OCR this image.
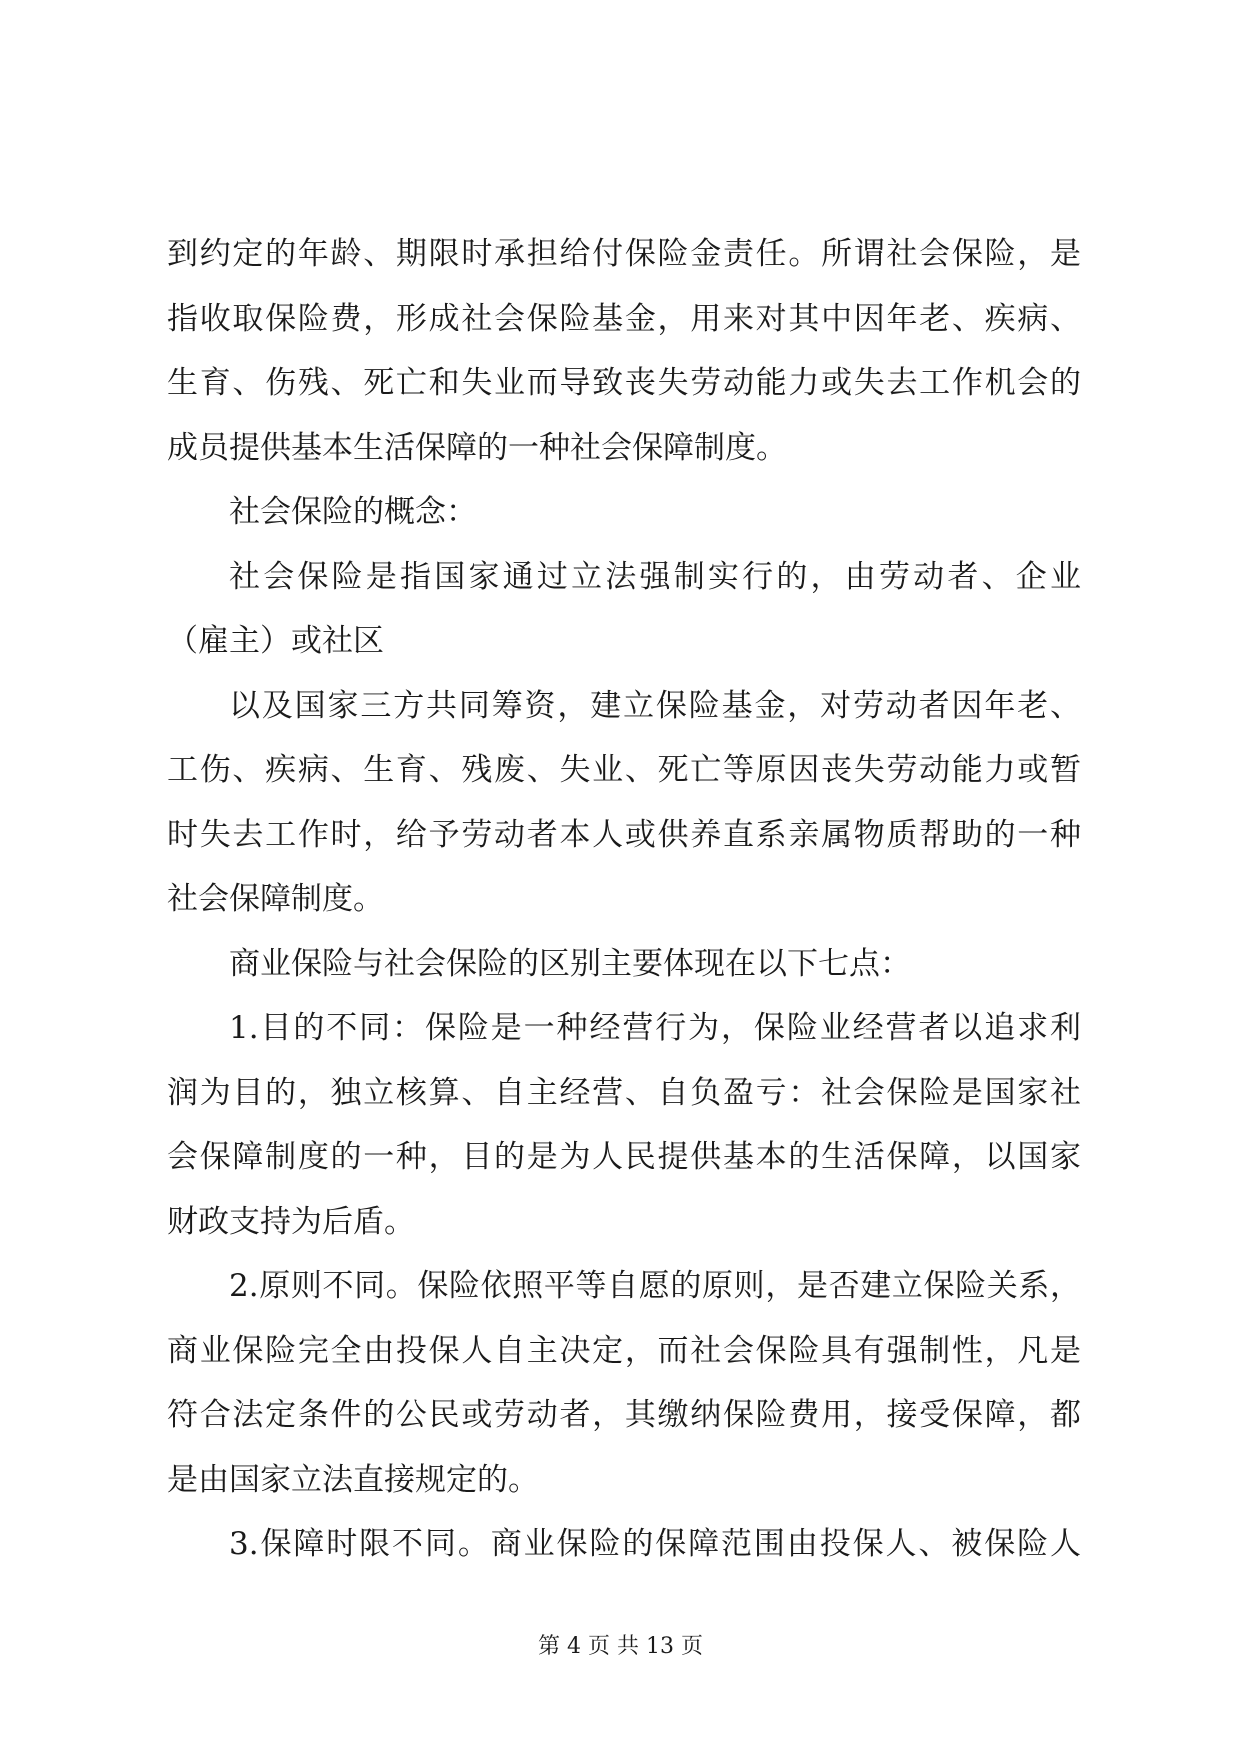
到约定的年龄、期限时承担给付保险金责任。所谓社会保险，是
指收取保险费，形成社会保险基金，用来对其中因年老、疾病、
生育、伤残、死亡和失业而导致丧失劳动能力或失去工作机会的
成员提供基本生活保障的一种社会保障制度。
社会保险的概念：
社会保险是指国家通过立法强制实行的，由劳动者、企业
（雇主）或社区
以及国家三方共同筹资，建立保险基金，对劳动者因年老、
工伤、疾病、生育、残废、失业、死亡等原因丧失劳动能力或暂
时失去工作时，给予劳动者本人或供养直系亲属物质帮助的一种
社会保障制度。
商业保险与社会保险的区别主要体现在以下七点：
1.目的不同：保险是一种经营行为，保险业经营者以追求利
润为目的，独立核算、自主经营、自负盈亏：社会保险是国家社
会保障制度的一种，目的是为人民提供基本的生活保障，以国家
财政支持为后盾。
2.原则不同。保险依照平等自愿的原则，是否建立保险关系，
商业保险完全由投保人自主决定，而社会保险具有强制性，凡是
符合法定条件的公民或劳动者，其缴纳保险费用，接受保障，都
是由国家立法直接规定的。
3.保障时限不同。商业保险的保障范围由投保人、被保险人
第 4 页 共 13 页
